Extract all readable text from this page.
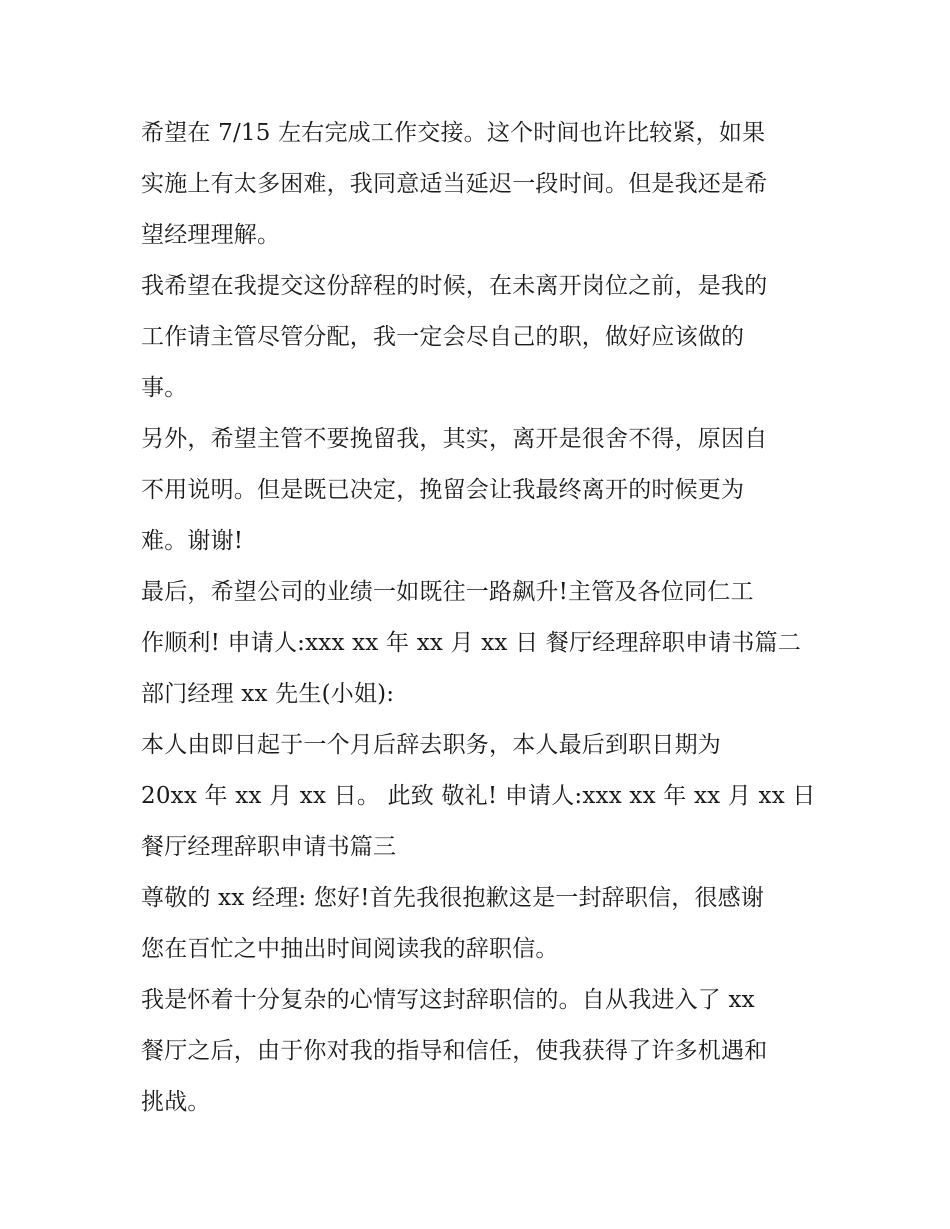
希望在 7/15 左右完成工作交接。这个时间也许比较紧，如果
实施上有太多困难，我同意适当延迟一段时间。但是我还是希
望经理理解。

我希望在我提交这份辞程的时候，在未离开岗位之前，是我的
工作请主管尽管分配，我一定会尽自己的职，做好应该做的
事。

另外，希望主管不要挽留我，其实，离开是很舍不得，原因自
不用说明。但是既已决定，挽留会让我最终离开的时候更为
难。谢谢!

最后，希望公司的业绩一如既往一路飙升!主管及各位同仁工
作顺利! 申请人:xxx xx 年 xx 月 xx 日 餐厅经理辞职申请书篇二
部门经理 xx 先生(小姐):

本人由即日起于一个月后辞去职务，本人最后到职日期为
20xx 年 xx 月 xx 日。 此致 敬礼! 申请人:xxx xx 年 xx 月 xx 日
餐厅经理辞职申请书篇三

尊敬的 xx 经理: 您好!首先我很抱歉这是一封辞职信，很感谢
您在百忙之中抽出时间阅读我的辞职信。

我是怀着十分复杂的心情写这封辞职信的。自从我进入了 xx
餐厅之后，由于你对我的指导和信任，使我获得了许多机遇和
挑战。
